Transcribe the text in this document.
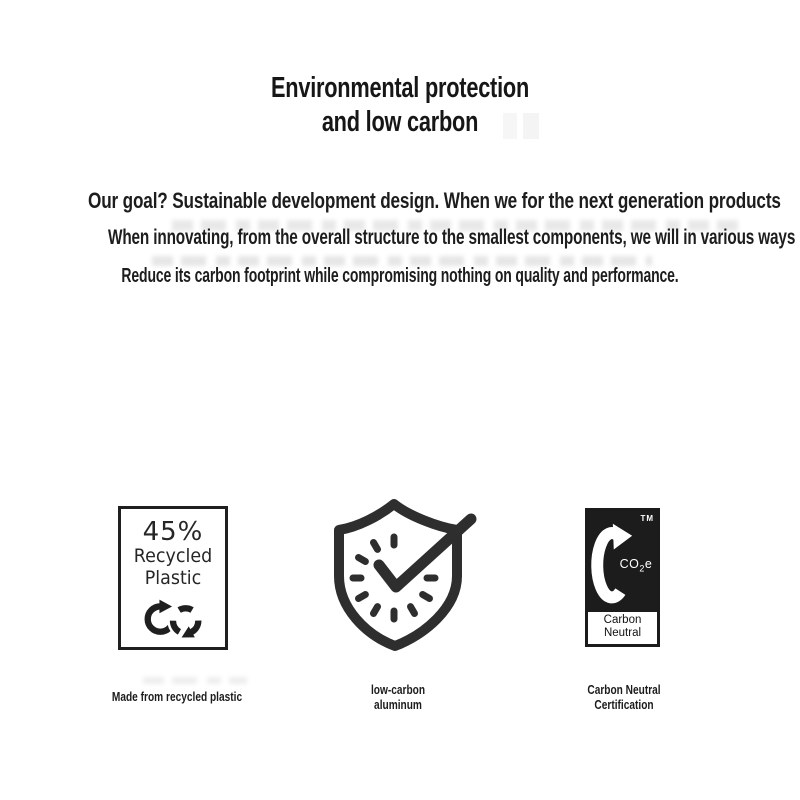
Environmental protection
and low carbon
Our goal? Sustainable development design. When we for the next generation products
When innovating, from the overall structure to the smallest components, we will in various ways
Reduce its carbon footprint while compromising nothing on quality and performance.
45%
Recycled
Plastic
TM
$CO_2e$
Carbon
Neutral
Made from recycled plastic	low-carbon
aluminum
Carbon Neutral
Certification
